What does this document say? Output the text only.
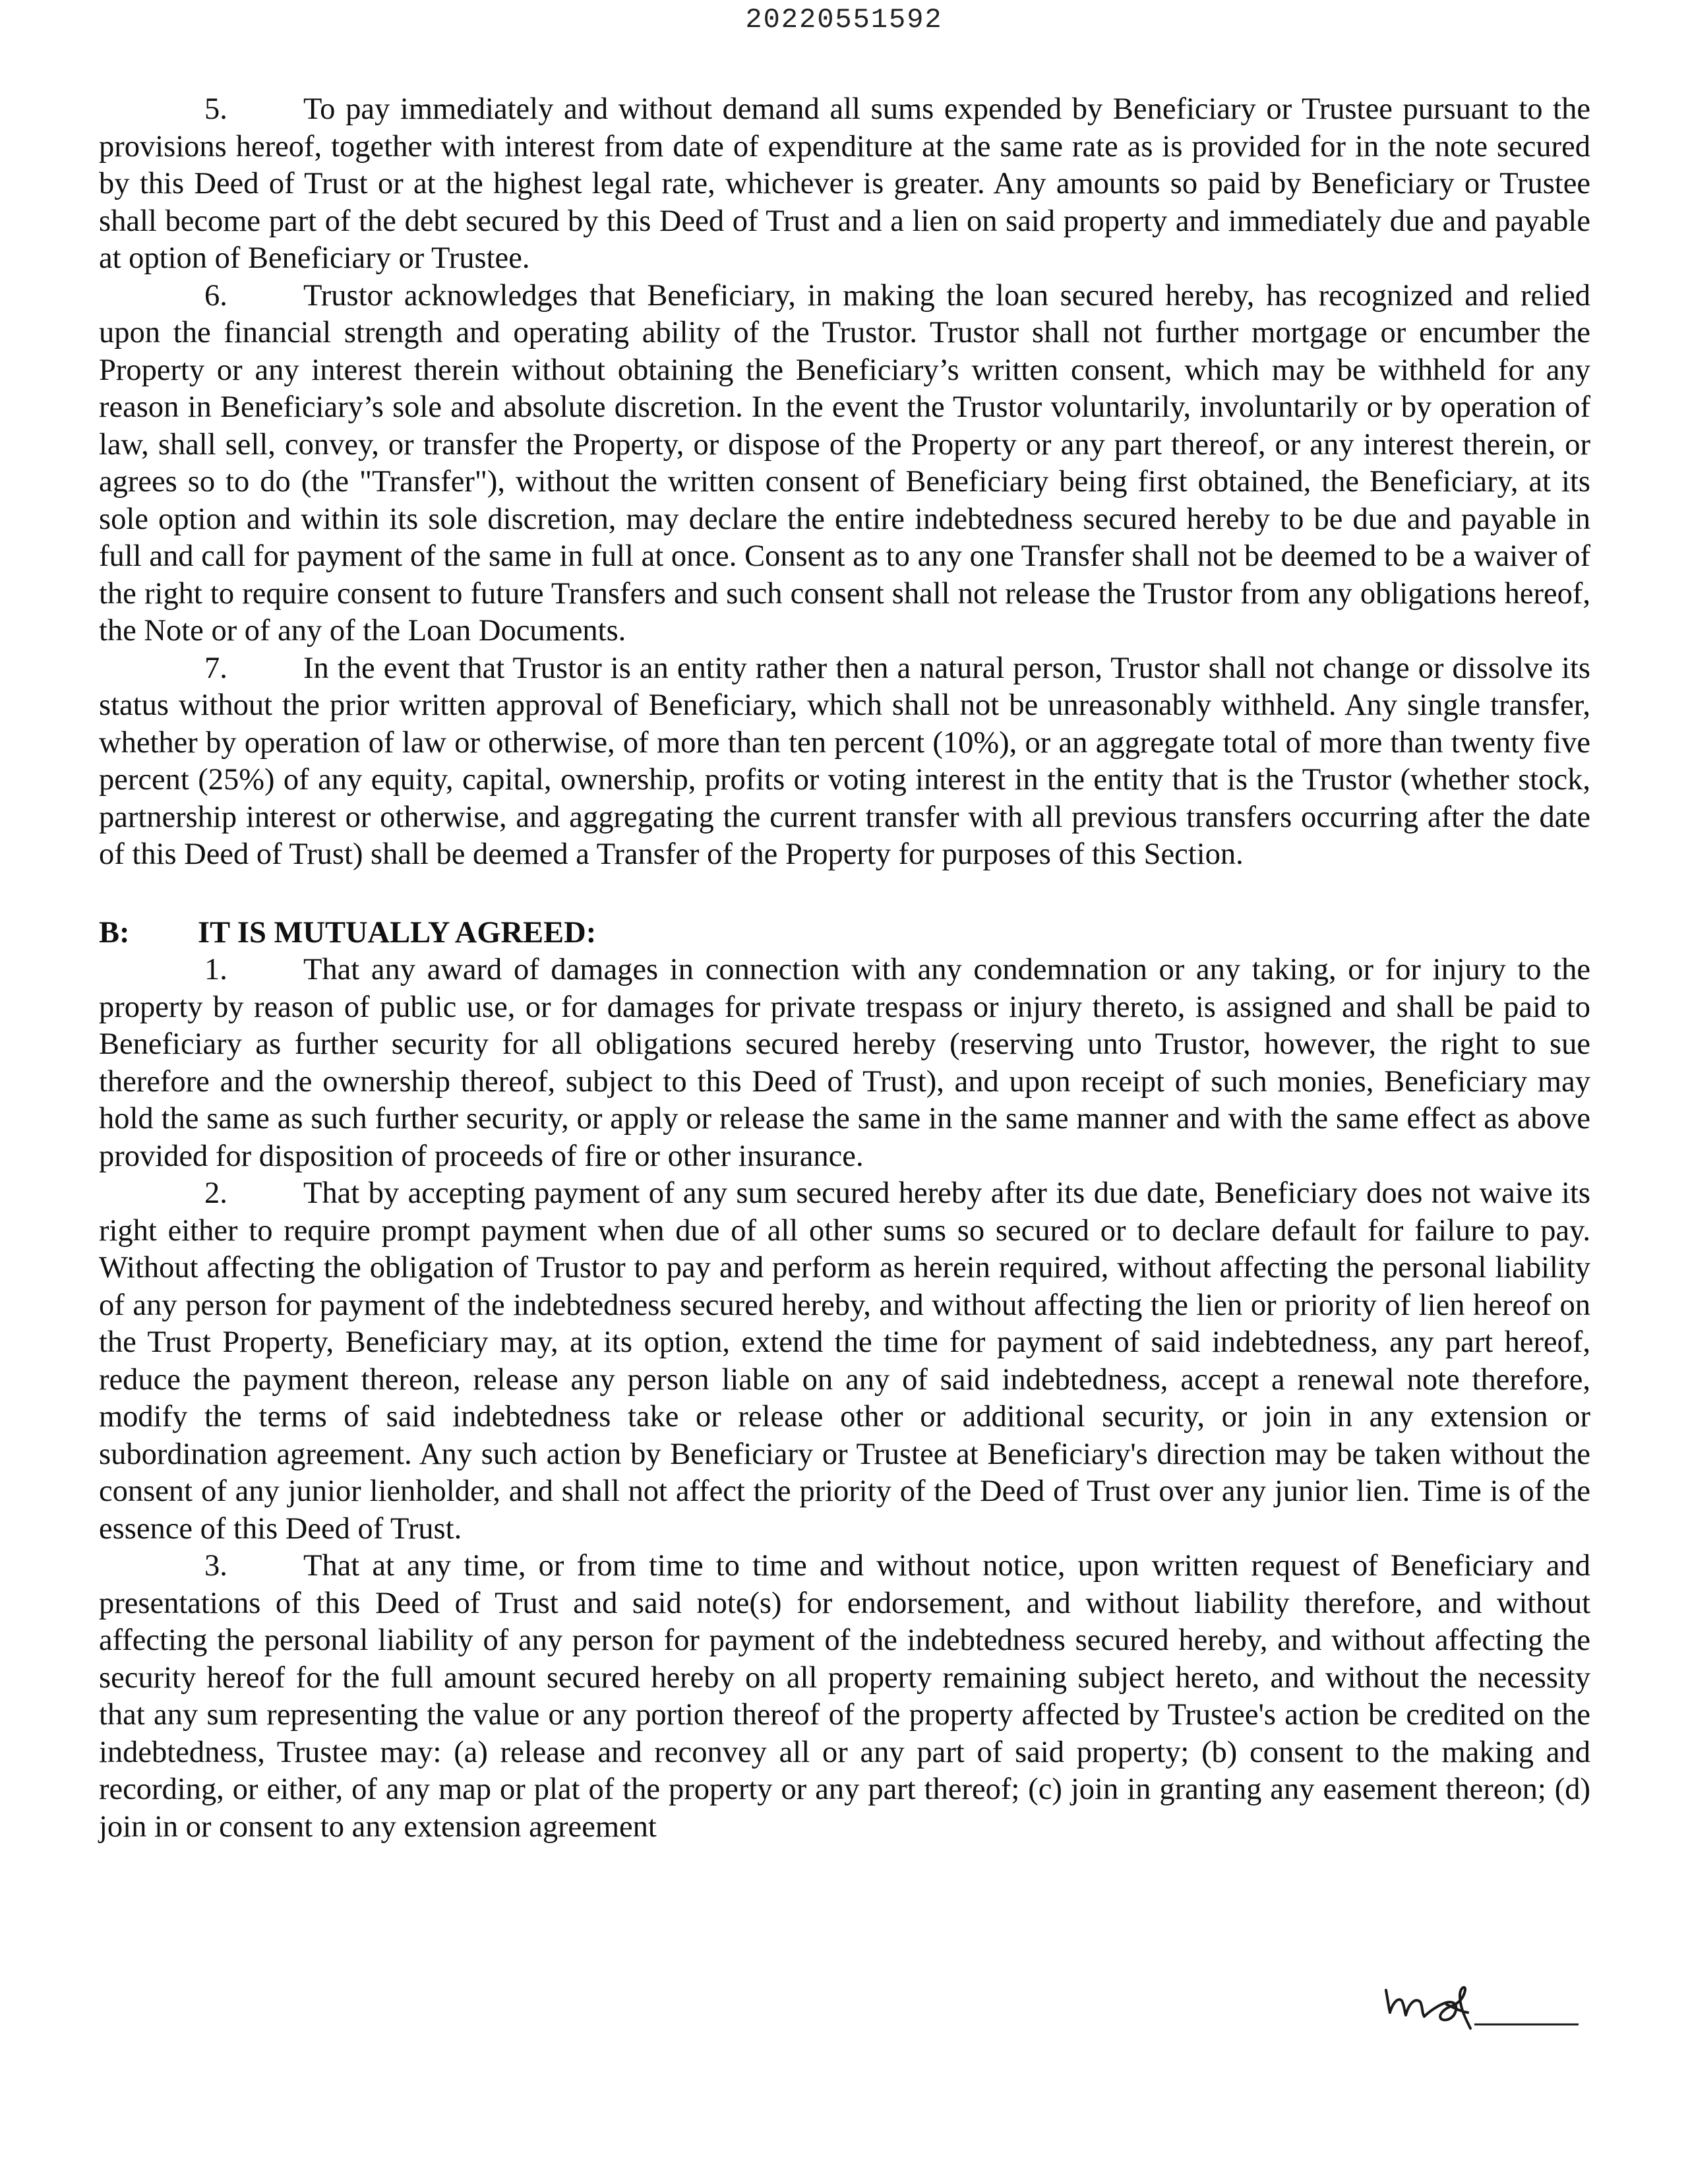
20220551592

5. To pay immediately and without demand all sums expended by Beneficiary or Trustee pursuant to the provisions hereof, together with interest from date of expenditure at the same rate as is provided for in the note secured by this Deed of Trust or at the highest legal rate, whichever is greater. Any amounts so paid by Beneficiary or Trustee shall become part of the debt secured by this Deed of Trust and a lien on said property and immediately due and payable at option of Beneficiary or Trustee.

6. Trustor acknowledges that Beneficiary, in making the loan secured hereby, has recognized and relied upon the financial strength and operating ability of the Trustor. Trustor shall not further mortgage or encumber the Property or any interest therein without obtaining the Beneficiary’s written consent, which may be withheld for any reason in Beneficiary’s sole and absolute discretion. In the event the Trustor voluntarily, involuntarily or by operation of law, shall sell, convey, or transfer the Property, or dispose of the Property or any part thereof, or any interest therein, or agrees so to do (the "Transfer"), without the written consent of Beneficiary being first obtained, the Beneficiary, at its sole option and within its sole discretion, may declare the entire indebtedness secured hereby to be due and payable in full and call for payment of the same in full at once. Consent as to any one Transfer shall not be deemed to be a waiver of the right to require consent to future Transfers and such consent shall not release the Trustor from any obligations hereof, the Note or of any of the Loan Documents.

7. In the event that Trustor is an entity rather then a natural person, Trustor shall not change or dissolve its status without the prior written approval of Beneficiary, which shall not be unreasonably withheld. Any single transfer, whether by operation of law or otherwise, of more than ten percent (10%), or an aggregate total of more than twenty five percent (25%) of any equity, capital, ownership, profits or voting interest in the entity that is the Trustor (whether stock, partnership interest or otherwise, and aggregating the current transfer with all previous transfers occurring after the date of this Deed of Trust) shall be deemed a Transfer of the Property for purposes of this Section.

B: IT IS MUTUALLY AGREED:

1. That any award of damages in connection with any condemnation or any taking, or for injury to the property by reason of public use, or for damages for private trespass or injury thereto, is assigned and shall be paid to Beneficiary as further security for all obligations secured hereby (reserving unto Trustor, however, the right to sue therefore and the ownership thereof, subject to this Deed of Trust), and upon receipt of such monies, Beneficiary may hold the same as such further security, or apply or release the same in the same manner and with the same effect as above provided for disposition of proceeds of fire or other insurance.

2. That by accepting payment of any sum secured hereby after its due date, Beneficiary does not waive its right either to require prompt payment when due of all other sums so secured or to declare default for failure to pay. Without affecting the obligation of Trustor to pay and perform as herein required, without affecting the personal liability of any person for payment of the indebtedness secured hereby, and without affecting the lien or priority of lien hereof on the Trust Property, Beneficiary may, at its option, extend the time for payment of said indebtedness, any part hereof, reduce the payment thereon, release any person liable on any of said indebtedness, accept a renewal note therefore, modify the terms of said indebtedness take or release other or additional security, or join in any extension or subordination agreement. Any such action by Beneficiary or Trustee at Beneficiary's direction may be taken without the consent of any junior lienholder, and shall not affect the priority of the Deed of Trust over any junior lien. Time is of the essence of this Deed of Trust.

3. That at any time, or from time to time and without notice, upon written request of Beneficiary and presentations of this Deed of Trust and said note(s) for endorsement, and without liability therefore, and without affecting the personal liability of any person for payment of the indebtedness secured hereby, and without affecting the security hereof for the full amount secured hereby on all property remaining subject hereto, and without the necessity that any sum representing the value or any portion thereof of the property affected by Trustee's action be credited on the indebtedness, Trustee may: (a) release and reconvey all or any part of said property; (b) consent to the making and recording, or either, of any map or plat of the property or any part thereof; (c) join in granting any easement thereon; (d) join in or consent to any extension agreement
